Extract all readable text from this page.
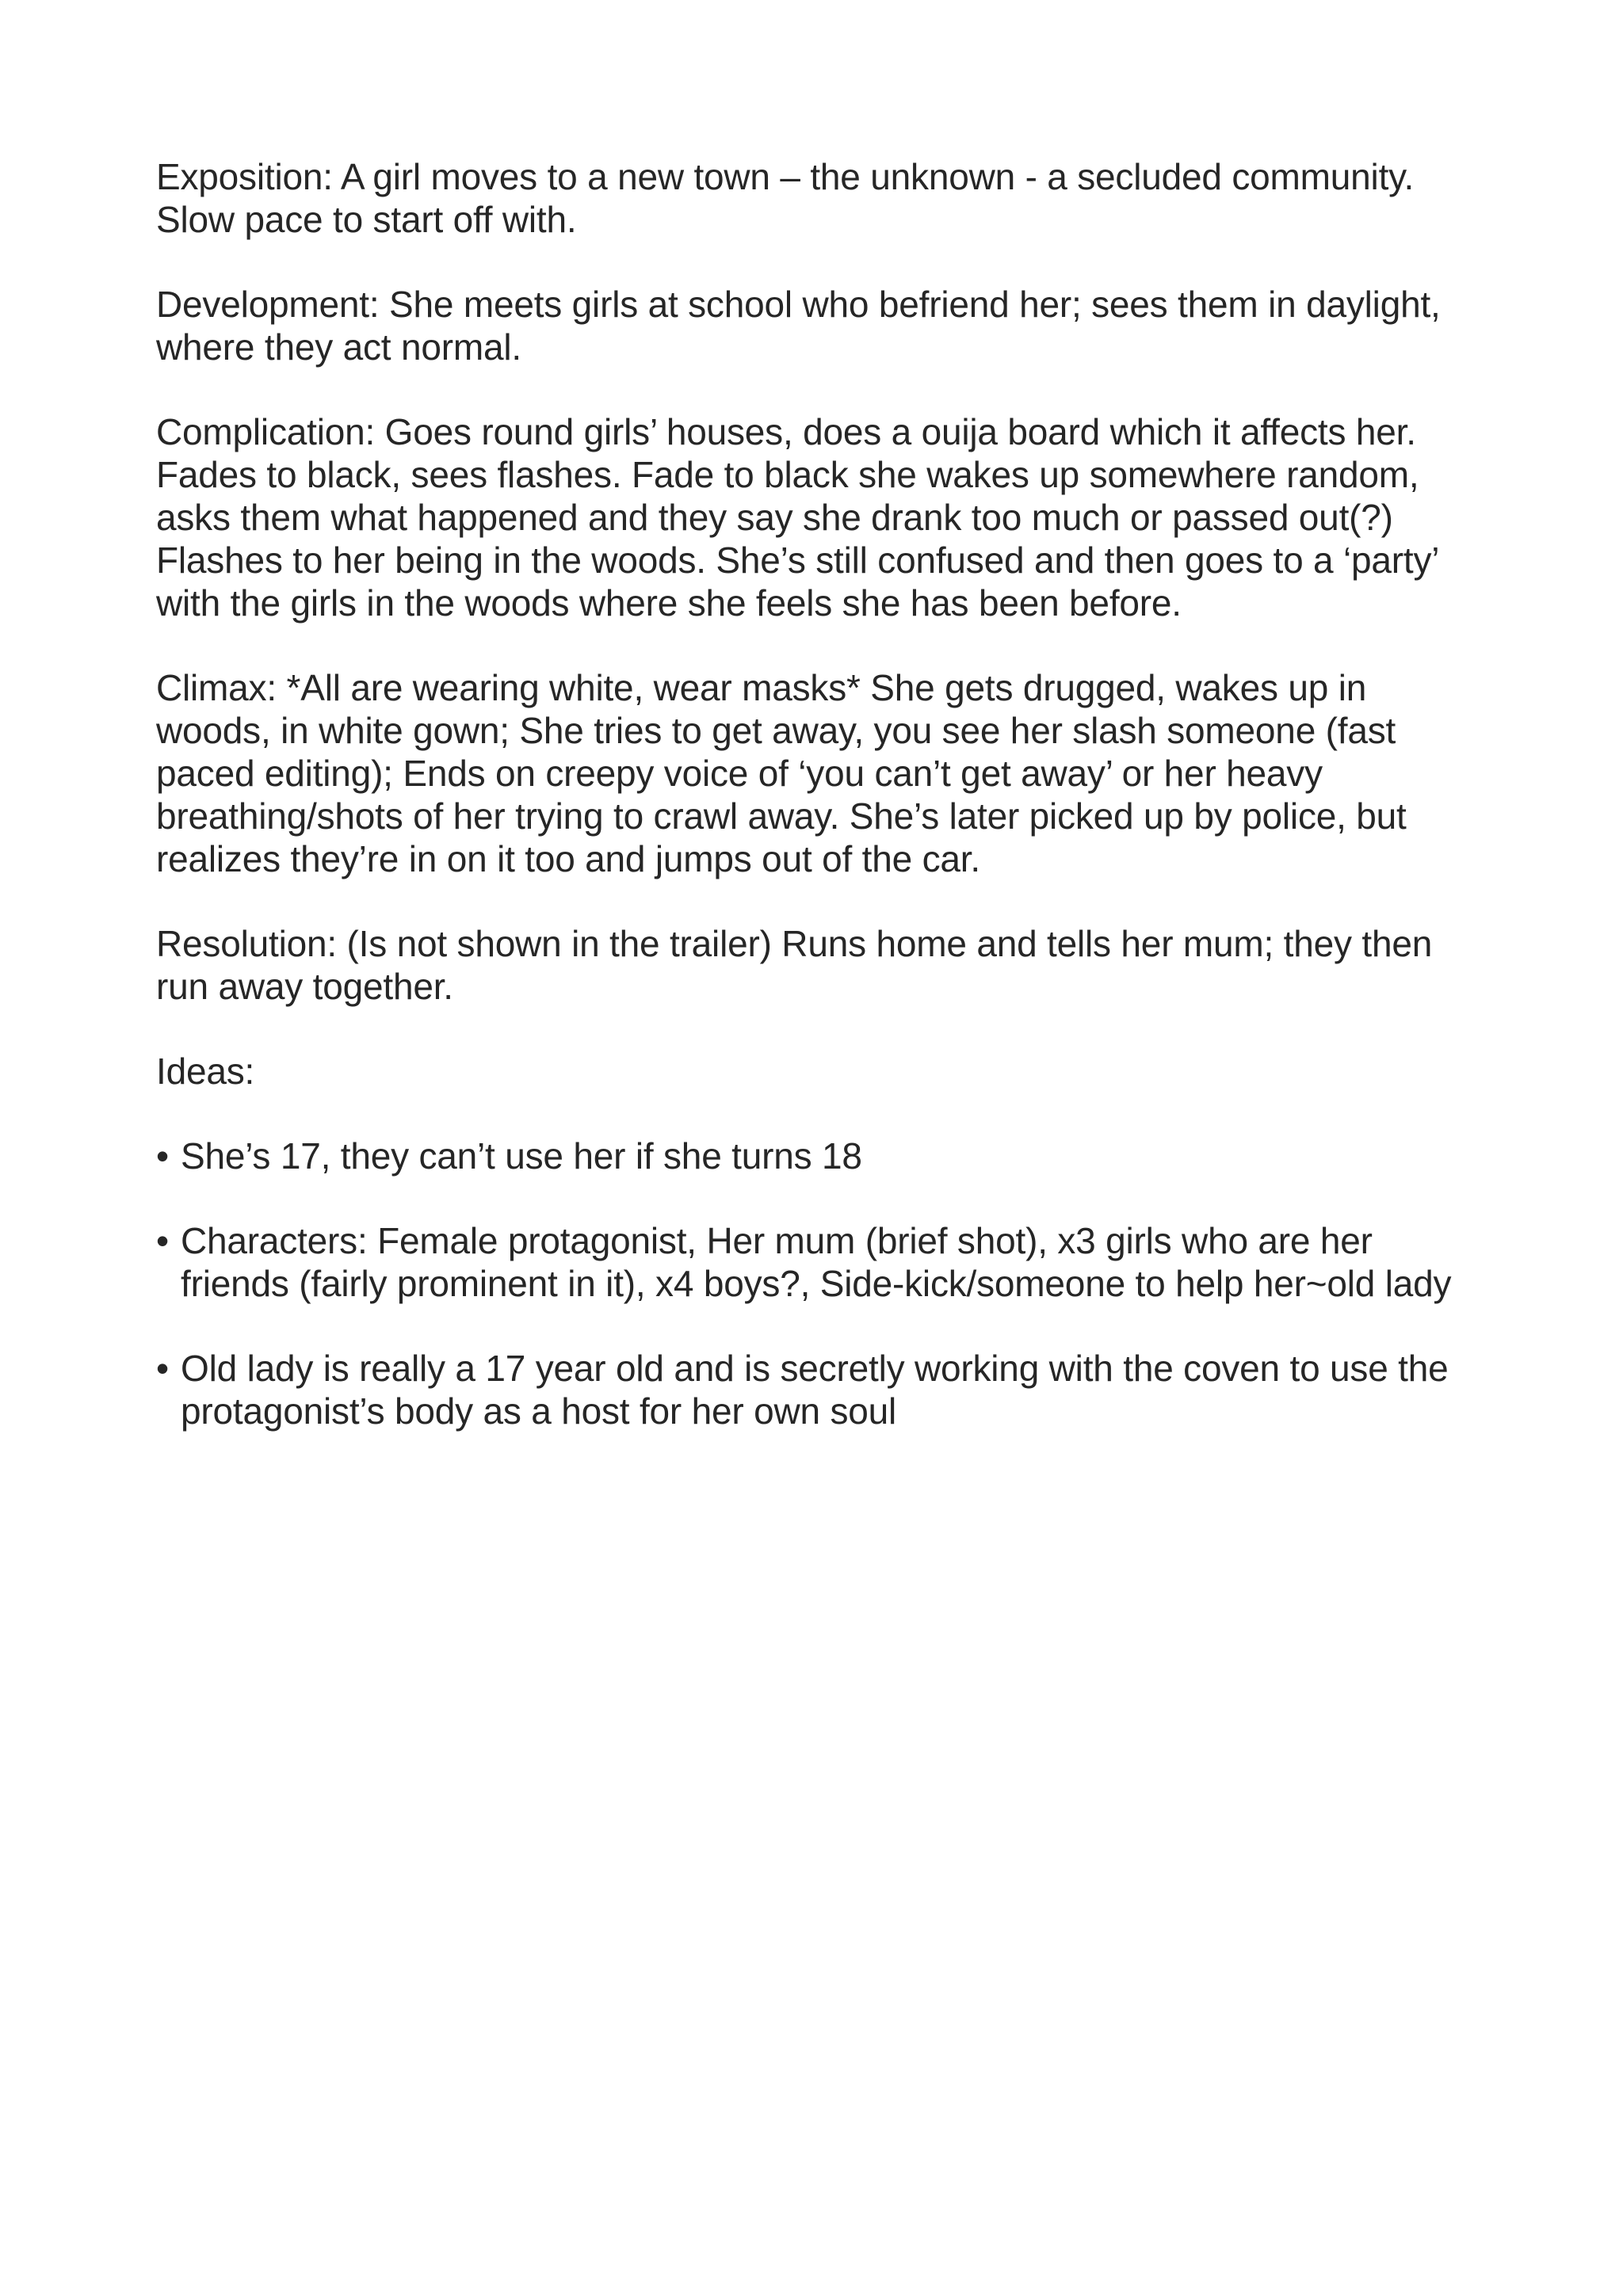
Exposition: A girl moves to a new town – the unknown - a secluded community.
Slow pace to start off with.

Development: She meets girls at school who befriend her; sees them in daylight,
where they act normal.

Complication: Goes round girls’ houses, does a ouija board which it affects her.
Fades to black, sees flashes. Fade to black she wakes up somewhere random,
asks them what happened and they say she drank too much or passed out(?)
Flashes to her being in the woods. She’s still confused and then goes to a ‘party’
with the girls in the woods where she feels she has been before.

Climax: *All are wearing white, wear masks* She gets drugged, wakes up in
woods, in white gown; She tries to get away, you see her slash someone (fast
paced editing); Ends on creepy voice of ‘you can’t get away’ or her heavy
breathing/shots of her trying to crawl away. She’s later picked up by police, but
realizes they’re in on it too and jumps out of the car.

Resolution: (Is not shown in the trailer) Runs home and tells her mum; they then
run away together.

Ideas:

• She’s 17, they can’t use her if she turns 18
• Characters: Female protagonist, Her mum (brief shot), x3 girls who are her
friends (fairly prominent in it), x4 boys?, Side-kick/someone to help her~old lady
• Old lady is really a 17 year old and is secretly working with the coven to use the
protagonist’s body as a host for her own soul
